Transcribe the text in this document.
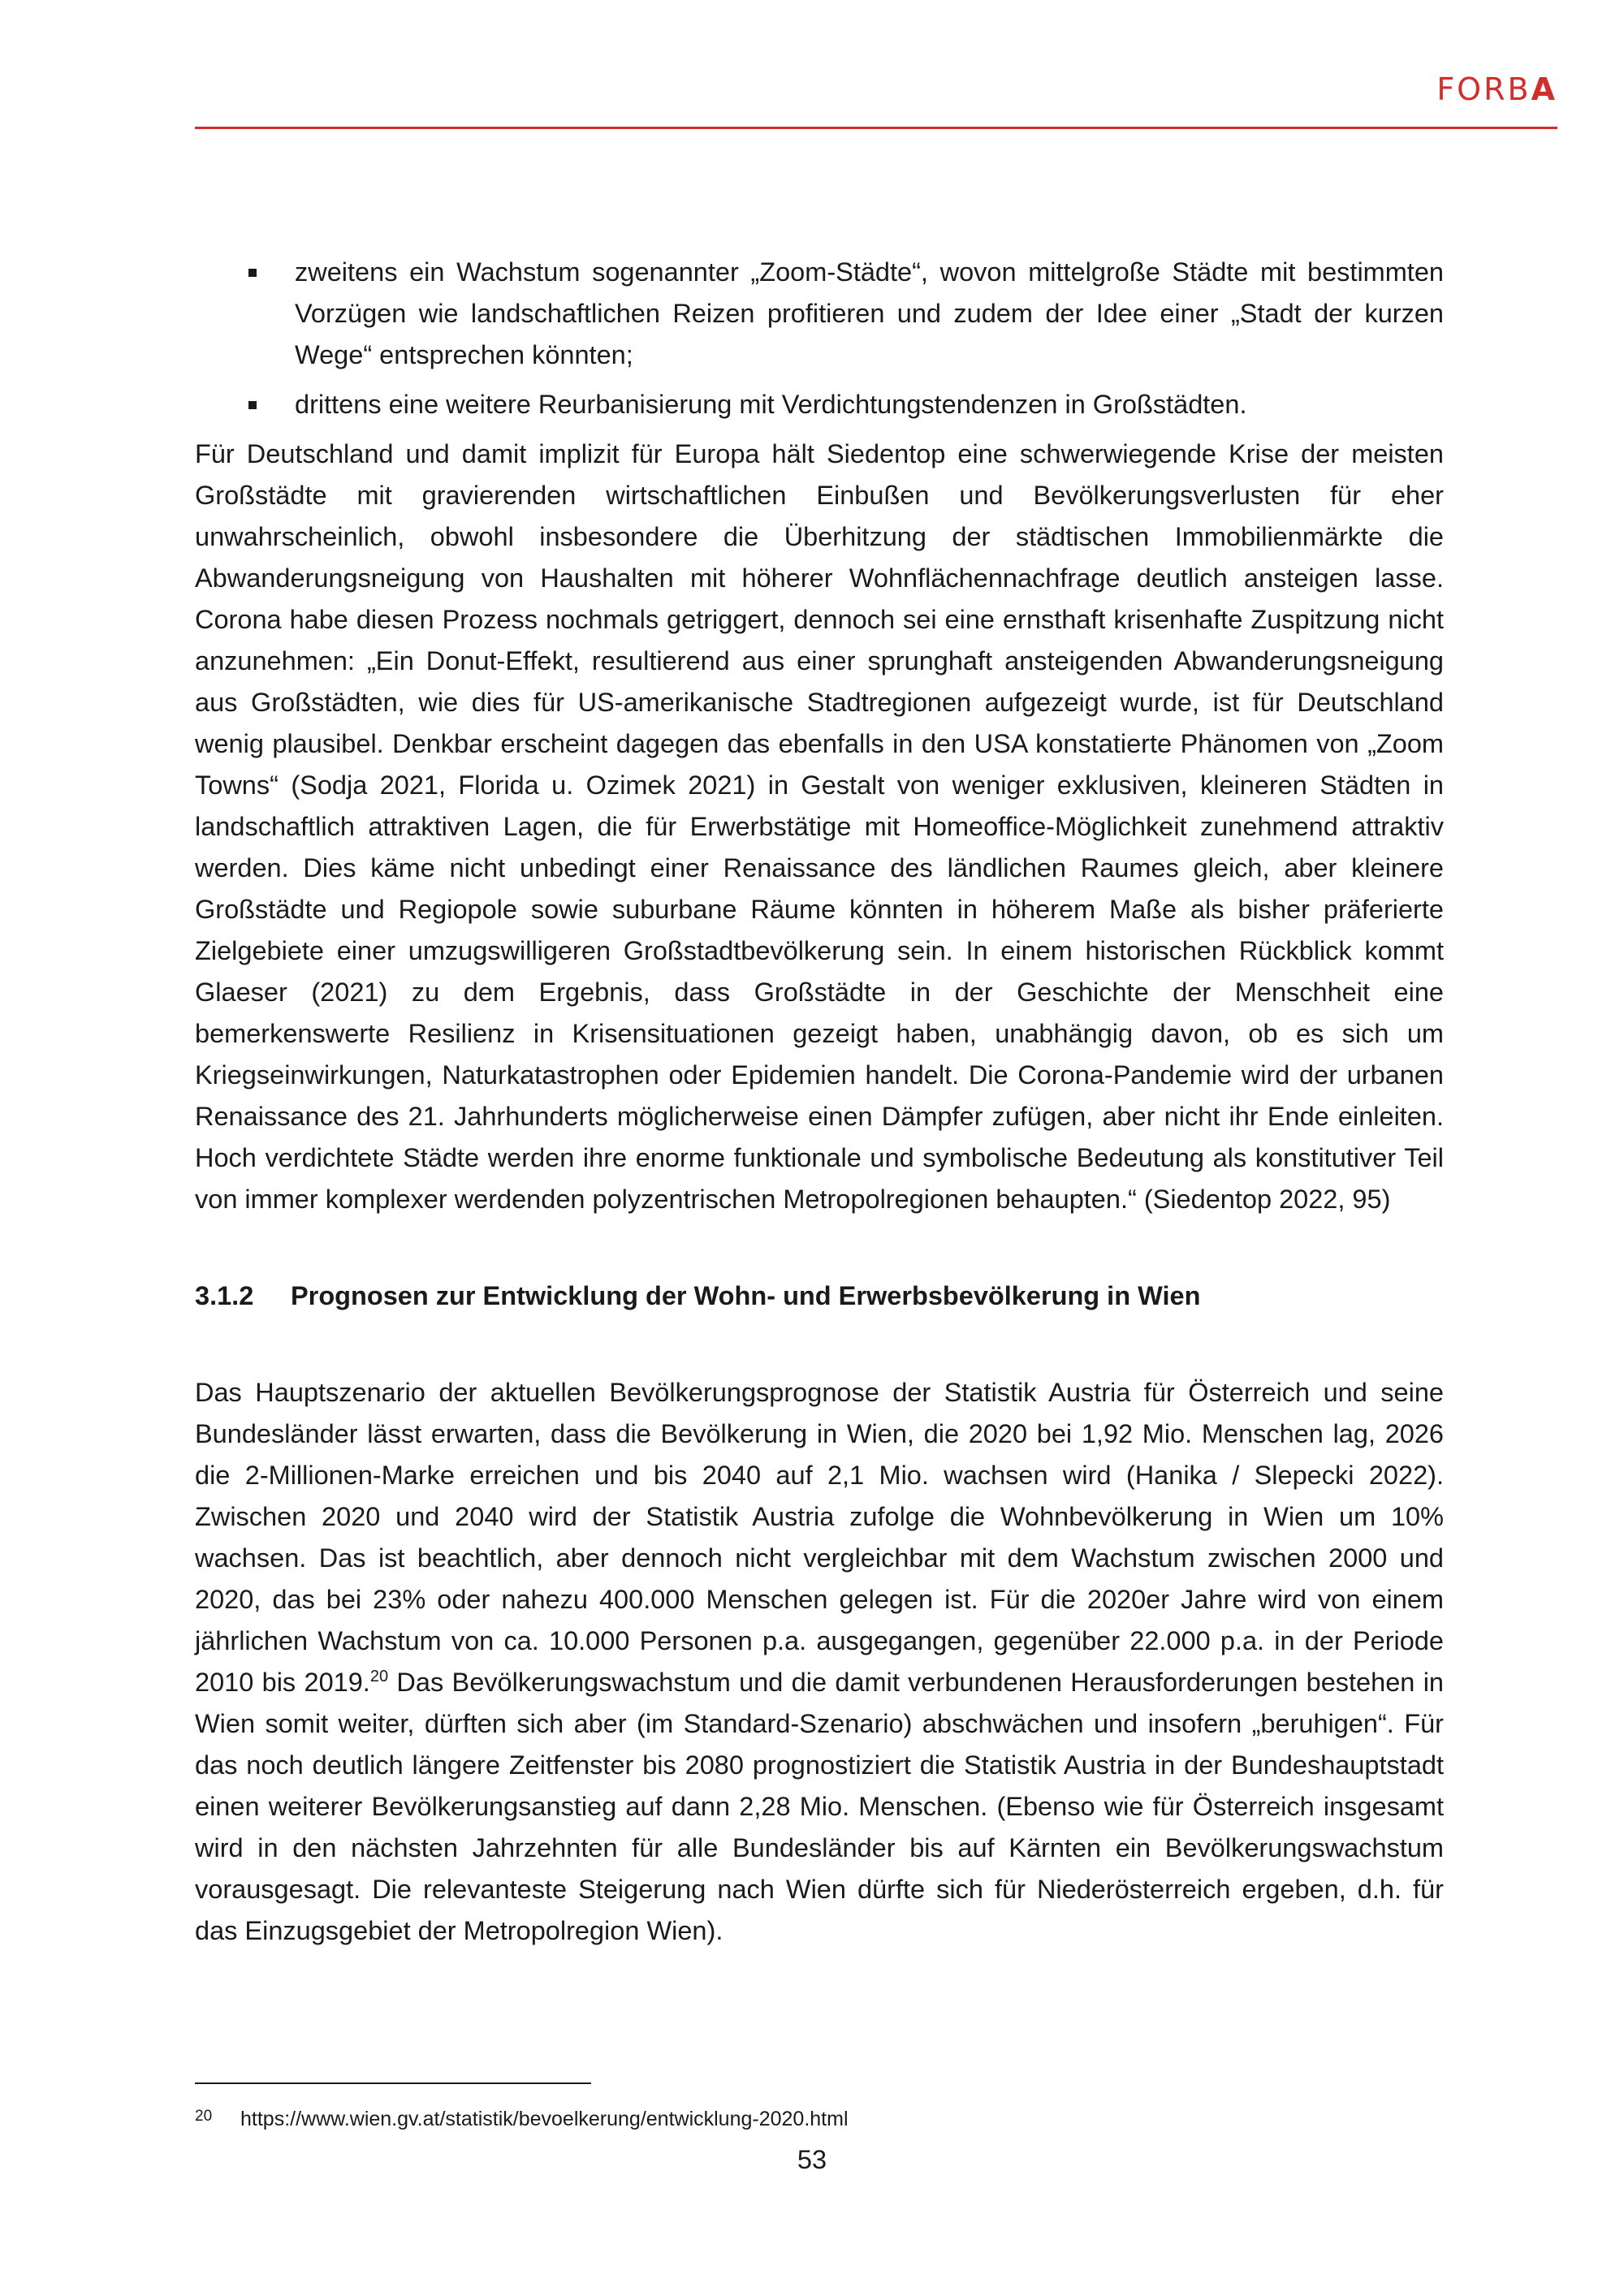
FORBA
zweitens ein Wachstum sogenannter „Zoom-Städte“, wovon mittelgroße Städte mit bestimmten Vorzügen wie landschaftlichen Reizen profitieren und zudem der Idee einer „Stadt der kurzen Wege“ entsprechen könnten;
drittens eine weitere Reurbanisierung mit Verdichtungstendenzen in Großstädten.

Für Deutschland und damit implizit für Europa hält Siedentop eine schwerwiegende Krise der meisten Großstädte mit gravierenden wirtschaftlichen Einbußen und Bevölkerungsverlusten für eher unwahrscheinlich, obwohl insbesondere die Überhitzung der städtischen Immobilienmärkte die Abwanderungsneigung von Haushalten mit höherer Wohnflächennachfrage deutlich ansteigen lasse. Corona habe diesen Prozess nochmals getriggert, dennoch sei eine ernsthaft krisenhafte Zuspitzung nicht anzunehmen: „Ein Donut-Effekt, resultierend aus einer sprunghaft ansteigenden Abwanderungsneigung aus Großstädten, wie dies für US-amerikanische Stadtregionen aufgezeigt wurde, ist für Deutschland wenig plausibel. Denkbar erscheint dagegen das ebenfalls in den USA konstatierte Phänomen von „Zoom Towns“ (Sodja 2021, Florida u. Ozimek 2021) in Gestalt von weniger exklusiven, kleineren Städten in landschaftlich attraktiven Lagen, die für Erwerbstätige mit Homeoffice-Möglichkeit zunehmend attraktiv werden. Dies käme nicht unbedingt einer Renaissance des ländlichen Raumes gleich, aber kleinere Großstädte und Regiopole sowie suburbane Räume könnten in höherem Maße als bisher präferierte Zielgebiete einer umzugswilligeren Großstadtbevölkerung sein. In einem historischen Rückblick kommt Glaeser (2021) zu dem Ergebnis, dass Großstädte in der Geschichte der Menschheit eine bemerkenswerte Resilienz in Krisensituationen gezeigt haben, unabhängig davon, ob es sich um Kriegseinwirkungen, Naturkatastrophen oder Epidemien handelt. Die Corona-Pandemie wird der urbanen Renaissance des 21. Jahrhunderts möglicherweise einen Dämpfer zufügen, aber nicht ihr Ende einleiten. Hoch verdichtete Städte werden ihre enorme funktionale und symbolische Bedeutung als konstitutiver Teil von immer komplexer werdenden polyzentrischen Metropolregionen behaupten.“ (Siedentop 2022, 95)

3.1.2 Prognosen zur Entwicklung der Wohn- und Erwerbsbevölkerung in Wien

Das Hauptszenario der aktuellen Bevölkerungsprognose der Statistik Austria für Österreich und seine Bundesländer lässt erwarten, dass die Bevölkerung in Wien, die 2020 bei 1,92 Mio. Menschen lag, 2026 die 2-Millionen-Marke erreichen und bis 2040 auf 2,1 Mio. wachsen wird (Hanika / Slepecki 2022). Zwischen 2020 und 2040 wird der Statistik Austria zufolge die Wohnbevölkerung in Wien um 10% wachsen. Das ist beachtlich, aber dennoch nicht vergleichbar mit dem Wachstum zwischen 2000 und 2020, das bei 23% oder nahezu 400.000 Menschen gelegen ist. Für die 2020er Jahre wird von einem jährlichen Wachstum von ca. 10.000 Personen p.a. ausgegangen, gegenüber 22.000 p.a. in der Periode 2010 bis 2019.20 Das Bevölkerungswachstum und die damit verbundenen Herausforderungen bestehen in Wien somit weiter, dürften sich aber (im Standard-Szenario) abschwächen und insofern „beruhigen“. Für das noch deutlich längere Zeitfenster bis 2080 prognostiziert die Statistik Austria in der Bundeshauptstadt einen weiterer Bevölkerungsanstieg auf dann 2,28 Mio. Menschen. (Ebenso wie für Österreich insgesamt wird in den nächsten Jahrzehnten für alle Bundesländer bis auf Kärnten ein Bevölkerungswachstum vorausgesagt. Die relevanteste Steigerung nach Wien dürfte sich für Niederösterreich ergeben, d.h. für das Einzugsgebiet der Metropolregion Wien).

20 https://www.wien.gv.at/statistik/bevoelkerung/entwicklung-2020.html
53
